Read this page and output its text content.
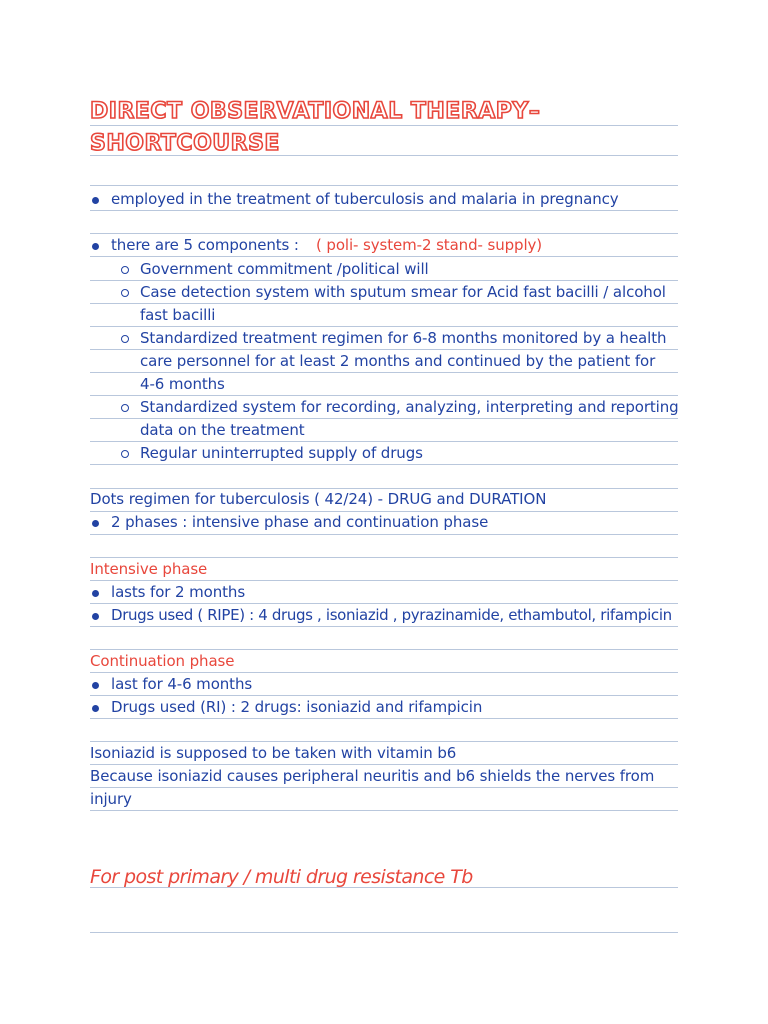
DIRECT OBSERVATIONAL THERAPY–
SHORTCOURSE
employed in the treatment of tuberculosis and malaria in pregnancy
there are 5 components : ( poli- system-2 stand- supply)
Government commitment /political will
Case detection system with sputum smear for Acid fast bacilli / alcohol
fast bacilli
Standardized treatment regimen for 6-8 months monitored by a health
care personnel for at least 2 months and continued by the patient for
4-6 months
Standardized system for recording, analyzing, interpreting and reporting
data on the treatment
Regular uninterrupted supply of drugs
Dots regimen for tuberculosis ( 42/24) - DRUG and DURATION
2 phases : intensive phase and continuation phase
Intensive phase
lasts for 2 months
Drugs used ( RIPE) : 4 drugs , isoniazid , pyrazinamide, ethambutol, rifampicin
Continuation phase
last for 4-6 months
Drugs used (RI) : 2 drugs: isoniazid and rifampicin
Isoniazid is supposed to be taken with vitamin b6
Because isoniazid causes peripheral neuritis and b6 shields the nerves from
injury
For post primary / multi drug resistance Tb
